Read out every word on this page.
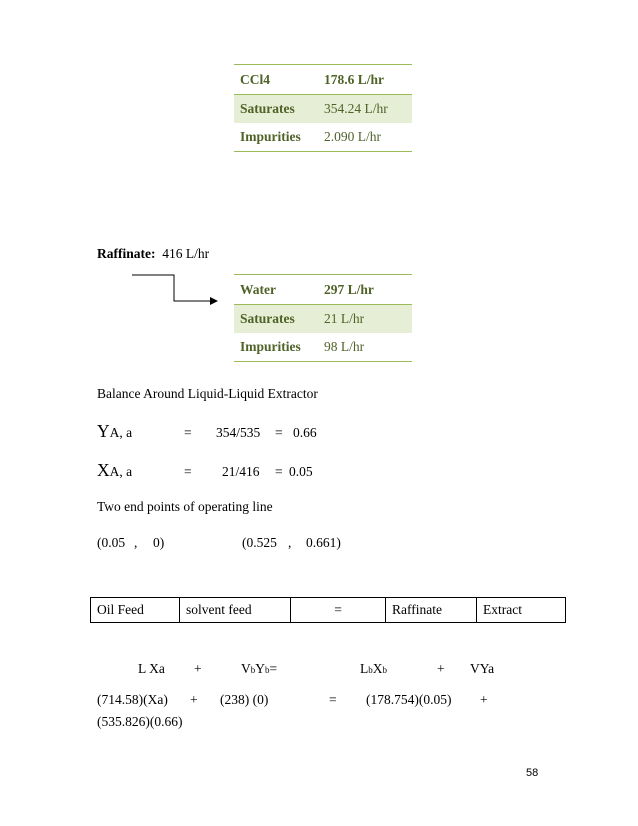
CCl4	178.6 L/hr
Saturates	354.24 L/hr
Impurities	2.090 L/hr
Raffinate: 416 L/hr
Water	297 L/hr
Saturates	21 L/hr
Impurities	98 L/hr
Balance Around Liquid-Liquid Extractor
YA, a	= 354/535 = 0.66
XA, a	= 21/416 = 0.05
Two end points of operating line
(0.05 , 0)	(0.525 , 0.661)
Oil Feed	solvent feed	=	Raffinate	Extract
L Xa +	VbYb=	LbXb	+ VYa
(714.58)(Xa) + (238) (0)	= (178.754)(0.05) +
(535.826)(0.66)
58
